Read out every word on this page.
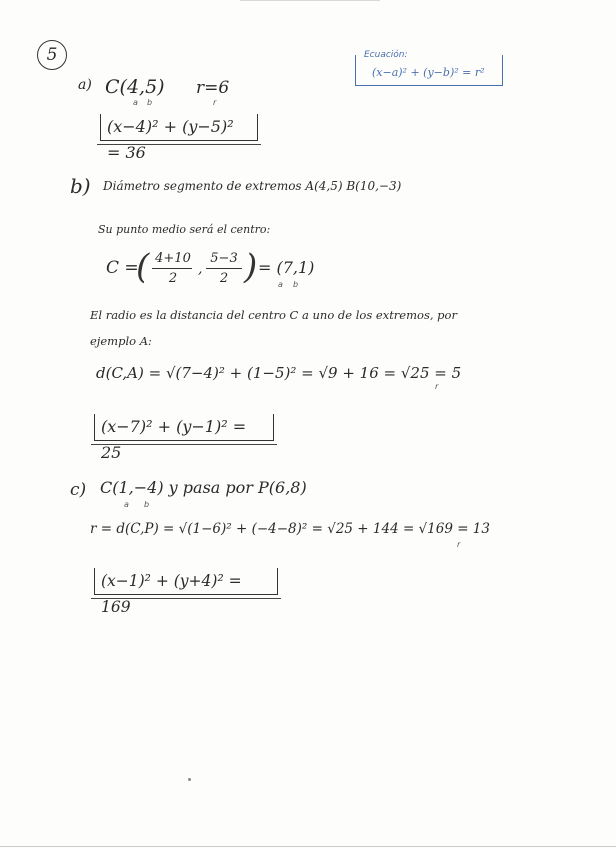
5	Ecuación:
(x−a)² + (y−b)² = r²
a) C(4,5)
a b
r=6
r
(x−4)² + (y−5)² = 36
b) Diámetro segmento de extremos A(4,5) B(10,−3)
Su punto medio será el centro:
C =
( 4+10
2
,
5−3
2 ) = (7,1)
a b
El radio es la distancia del centro C a uno de los extremos, por
ejemplo A:
d(C,A) = √(7−4)² + (1−5)² = √9 + 16 = √25 = 5
r
(x−7)² + (y−1)² = 25
c) C(1,−4) y pasa por P(6,8)
a b
r = d(C,P) = √(1−6)² + (−4−8)² = √25 + 144 = √169 = 13
r
(x−1)² + (y+4)² = 169
